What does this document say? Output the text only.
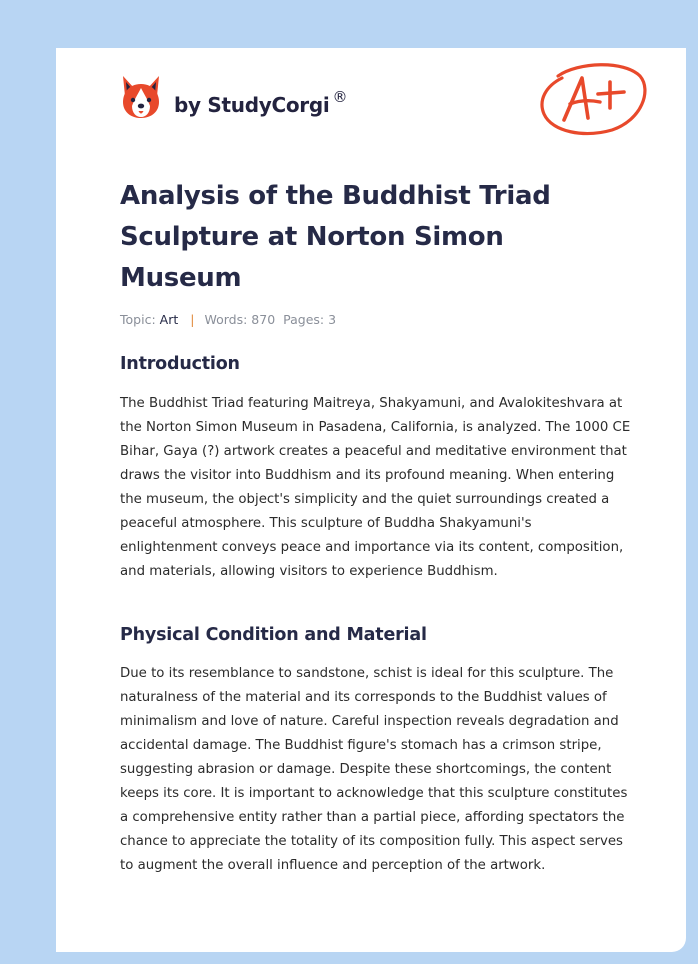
by StudyCorgi ®
Analysis of the Buddhist Triad Sculpture at Norton Simon Museum
Topic: Art | Words: 870 Pages: 3
Introduction

The Buddhist Triad featuring Maitreya, Shakyamuni, and Avalokiteshvara at the Norton Simon Museum in Pasadena, California, is analyzed. The 1000 CE Bihar, Gaya (?) artwork creates a peaceful and meditative environment that draws the visitor into Buddhism and its profound meaning. When entering the museum, the object's simplicity and the quiet surroundings created a peaceful atmosphere. This sculpture of Buddha Shakyamuni's enlightenment conveys peace and importance via its content, composition, and materials, allowing visitors to experience Buddhism.

Physical Condition and Material

Due to its resemblance to sandstone, schist is ideal for this sculpture. The naturalness of the material and its corresponds to the Buddhist values of minimalism and love of nature. Careful inspection reveals degradation and accidental damage. The Buddhist figure's stomach has a crimson stripe, suggesting abrasion or damage. Despite these shortcomings, the content keeps its core. It is important to acknowledge that this sculpture constitutes a comprehensive entity rather than a partial piece, affording spectators the chance to appreciate the totality of its composition fully. This aspect serves to augment the overall influence and perception of the artwork.
